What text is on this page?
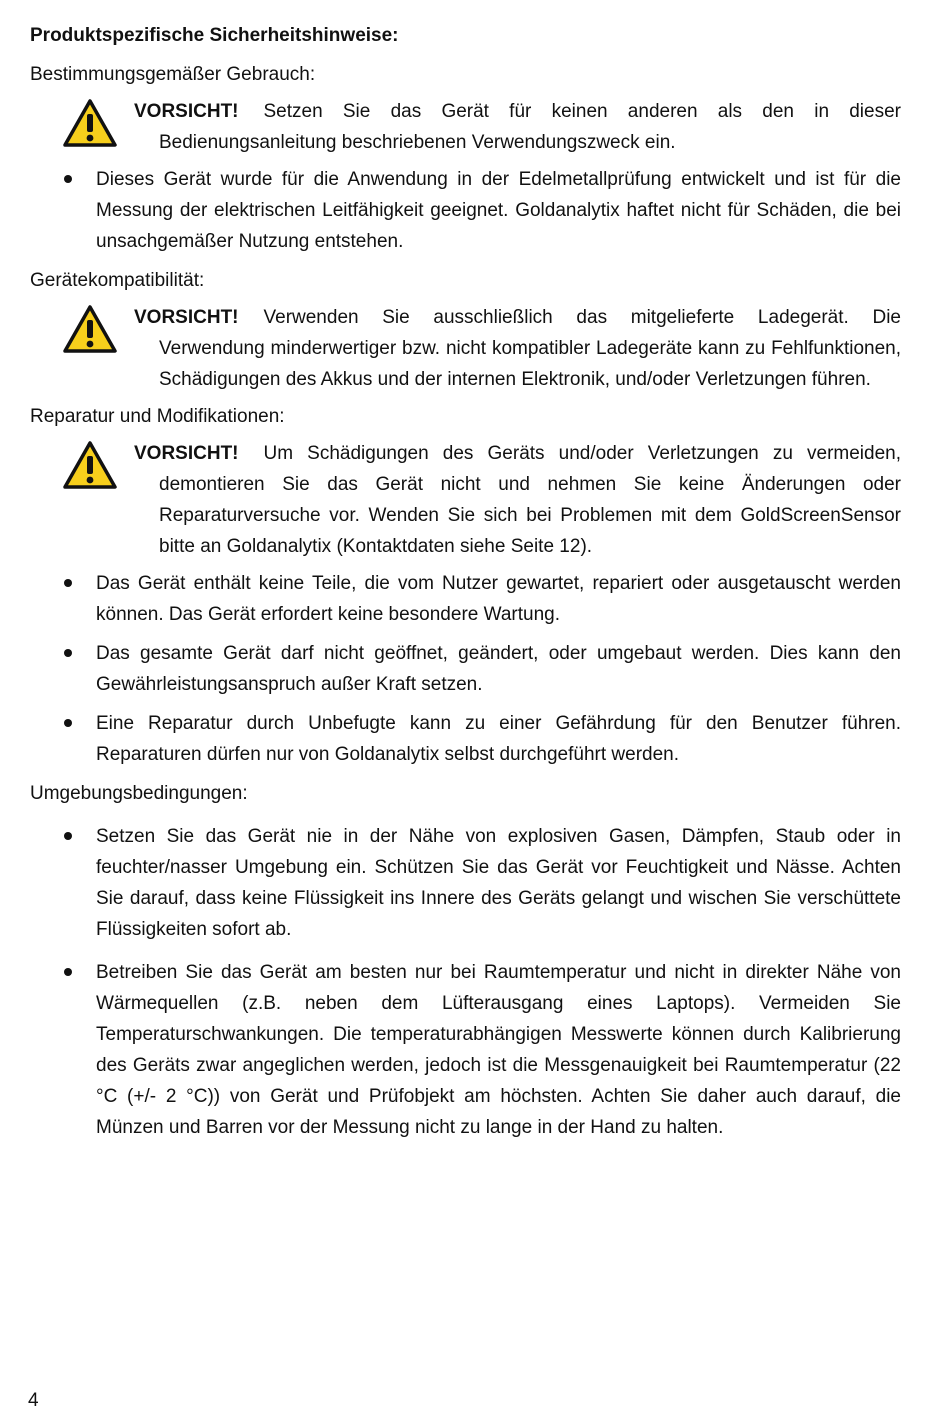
Produktspezifische Sicherheitshinweise:

Bestimmungsgemäßer Gebrauch:

VORSICHT! Setzen Sie das Gerät für keinen anderen als den in dieser Bedienungsanleitung beschriebenen Verwendungszweck ein.

Dieses Gerät wurde für die Anwendung in der Edelmetallprüfung entwickelt und ist für die Messung der elektrischen Leitfähigkeit geeignet. Goldanalytix haftet nicht für Schäden, die bei unsachgemäßer Nutzung entstehen.

Gerätekompatibilität:

VORSICHT! Verwenden Sie ausschließlich das mitgelieferte Ladegerät. Die Verwendung minderwertiger bzw. nicht kompatibler Ladegeräte kann zu Fehlfunktionen, Schädigungen des Akkus und der internen Elektronik, und/oder Verletzungen führen.

Reparatur und Modifikationen:

VORSICHT! Um Schädigungen des Geräts und/oder Verletzungen zu vermeiden, demontieren Sie das Gerät nicht und nehmen Sie keine Änderungen oder Reparaturversuche vor. Wenden Sie sich bei Problemen mit dem GoldScreenSensor bitte an Goldanalytix (Kontaktdaten siehe Seite 12).

Das Gerät enthält keine Teile, die vom Nutzer gewartet, repariert oder ausgetauscht werden können. Das Gerät erfordert keine besondere Wartung.
Das gesamte Gerät darf nicht geöffnet, geändert, oder umgebaut werden. Dies kann den Gewährleistungsanspruch außer Kraft setzen.
Eine Reparatur durch Unbefugte kann zu einer Gefährdung für den Benutzer führen. Reparaturen dürfen nur von Goldanalytix selbst durchgeführt werden.

Umgebungsbedingungen:

Setzen Sie das Gerät nie in der Nähe von explosiven Gasen, Dämpfen, Staub oder in feuchter/nasser Umgebung ein. Schützen Sie das Gerät vor Feuchtigkeit und Nässe. Achten Sie darauf, dass keine Flüssigkeit ins Innere des Geräts gelangt und wischen Sie verschüttete Flüssigkeiten sofort ab.
Betreiben Sie das Gerät am besten nur bei Raumtemperatur und nicht in direkter Nähe von Wärmequellen (z.B. neben dem Lüfterausgang eines Laptops). Vermeiden Sie Temperaturschwankungen. Die temperaturabhängigen Messwerte können durch Kalibrierung des Geräts zwar angeglichen werden, jedoch ist die Messgenauigkeit bei Raumtemperatur (22 °C (+/- 2 °C)) von Gerät und Prüfobjekt am höchsten. Achten Sie daher auch darauf, die Münzen und Barren vor der Messung nicht zu lange in der Hand zu halten.
4
